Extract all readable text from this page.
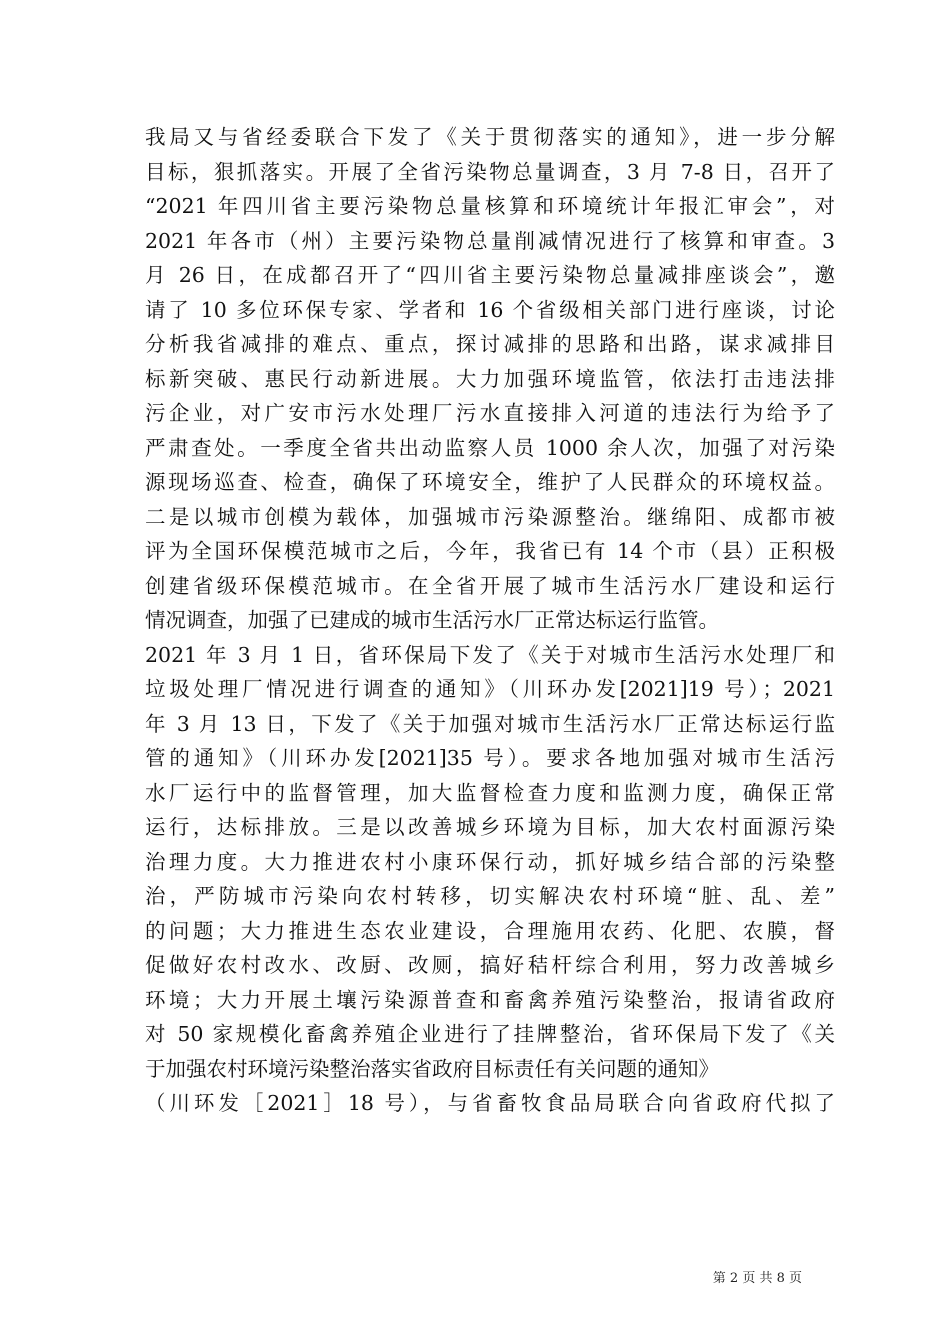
我局又与省经委联合下发了《关于贯彻落实的通知》，进一步分解
目标，狠抓落实。开展了全省污染物总量调查，3 月 7-8 日，召开了
“2021 年四川省主要污染物总量核算和环境统计年报汇审会”，对
2021 年各市（州）主要污染物总量削减情况进行了核算和审查。3
月 26 日，在成都召开了“四川省主要污染物总量减排座谈会”，邀
请了 10 多位环保专家、学者和 16 个省级相关部门进行座谈，讨论
分析我省减排的难点、重点，探讨减排的思路和出路，谋求减排目
标新突破、惠民行动新进展。大力加强环境监管，依法打击违法排
污企业，对广安市污水处理厂污水直接排入河道的违法行为给予了
严肃查处。一季度全省共出动监察人员 1000 余人次，加强了对污染
源现场巡查、检查，确保了环境安全，维护了人民群众的环境权益。
二是以城市创模为载体，加强城市污染源整治。继绵阳、成都市被
评为全国环保模范城市之后，今年，我省已有 14 个市（县）正积极
创建省级环保模范城市。在全省开展了城市生活污水厂建设和运行
情况调查，加强了已建成的城市生活污水厂正常达标运行监管。
2021 年 3 月 1 日，省环保局下发了《关于对城市生活污水处理厂和
垃圾处理厂情况进行调查的通知》（川环办发[2021]19 号）；2021
年 3 月 13 日，下发了《关于加强对城市生活污水厂正常达标运行监
管的通知》（川环办发[2021]35 号）。要求各地加强对城市生活污
水厂运行中的监督管理，加大监督检查力度和监测力度，确保正常
运行，达标排放。三是以改善城乡环境为目标，加大农村面源污染
治理力度。大力推进农村小康环保行动，抓好城乡结合部的污染整
治，严防城市污染向农村转移，切实解决农村环境“脏、乱、差”
的问题；大力推进生态农业建设，合理施用农药、化肥、农膜，督
促做好农村改水、改厨、改厕，搞好秸杆综合利用，努力改善城乡
环境；大力开展土壤污染源普查和畜禽养殖污染整治，报请省政府
对 50 家规模化畜禽养殖企业进行了挂牌整治，省环保局下发了《关
于加强农村环境污染整治落实省政府目标责任有关问题的通知》
（川环发［2021］18 号），与省畜牧食品局联合向省政府代拟了
第 2 页 共 8 页
